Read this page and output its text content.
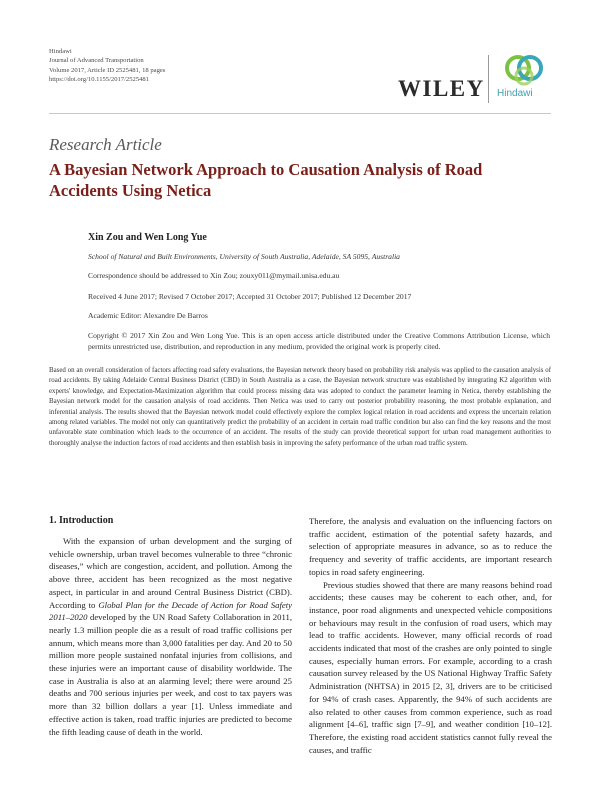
Hindawi
Journal of Advanced Transportation
Volume 2017, Article ID 2525481, 18 pages
https://doi.org/10.1155/2017/2525481	WILEY Hindawi
Research Article
A Bayesian Network Approach to Causation Analysis of Road Accidents Using Netica
Xin Zou and Wen Long Yue
School of Natural and Built Environments, University of South Australia, Adelaide, SA 5095, Australia
Correspondence should be addressed to Xin Zou; zouxy011@mymail.unisa.edu.au
Received 4 June 2017; Revised 7 October 2017; Accepted 31 October 2017; Published 12 December 2017
Academic Editor: Alexandre De Barros
Copyright © 2017 Xin Zou and Wen Long Yue. This is an open access article distributed under the Creative Commons Attribution License, which permits unrestricted use, distribution, and reproduction in any medium, provided the original work is properly cited.
Based on an overall consideration of factors affecting road safety evaluations, the Bayesian network theory based on probability risk analysis was applied to the causation analysis of road accidents. By taking Adelaide Central Business District (CBD) in South Australia as a case, the Bayesian network structure was established by integrating K2 algorithm with experts' knowledge, and Expectation-Maximization algorithm that could process missing data was adopted to conduct the parameter learning in Netica, thereby establishing the Bayesian network model for the causation analysis of road accidents. Then Netica was used to carry out posterior probability reasoning, the most probable explanation, and inferential analysis. The results showed that the Bayesian network model could effectively explore the complex logical relation in road accidents and express the uncertain relation among related variables. The model not only can quantitatively predict the probability of an accident in certain road traffic condition but also can find the key reasons and the most unfavorable state combination which leads to the occurrence of an accident. The results of the study can provide theoretical support for urban road management authorities to thoroughly analyse the induction factors of road accidents and then establish basis in improving the safety performance of the urban road traffic system.
1. Introduction

With the expansion of urban development and the surging of vehicle ownership, urban travel becomes vulnerable to three “chronic diseases,” which are congestion, accident, and pollution. Among the above three, accident has been recognized as the most negative aspect, in particular in and around Central Business District (CBD). According to Global Plan for the Decade of Action for Road Safety 2011–2020 developed by the UN Road Safety Collaboration in 2011, nearly 1.3 million people die as a result of road traffic collisions per annum, which means more than 3,000 fatalities per day. And 20 to 50 million more people sustained nonfatal injuries from collisions, and these injuries were an important cause of disability worldwide. The case in Australia is also at an alarming level; there were around 25 deaths and 700 serious injuries per week, and cost to tax payers was more than 32 billion dollars a year [1]. Unless immediate and effective action is taken, road traffic injuries are predicted to become the fifth leading cause of death in the world.

Therefore, the analysis and evaluation on the influencing factors on traffic accident, estimation of the potential safety hazards, and selection of appropriate measures in advance, so as to reduce the frequency and severity of traffic accidents, are important research topics in road safety engineering.

Previous studies showed that there are many reasons behind road accidents; these causes may be coherent to each other, and, for instance, poor road alignments and unexpected vehicle compositions or behaviours may result in the confusion of road users, which may lead to traffic accidents. However, many official records of road accidents indicated that most of the crashes are only pointed to single causes, especially human errors. For example, according to a crash causation survey released by the US National Highway Traffic Safety Administration (NHTSA) in 2015 [2, 3], drivers are to be criticised for 94% of crash cases. Apparently, the 94% of such accidents are also related to other causes from common experience, such as road alignment [4–6], traffic sign [7–9], and weather condition [10–12]. Therefore, the existing road accident statistics cannot fully reveal the causes, and traffic
